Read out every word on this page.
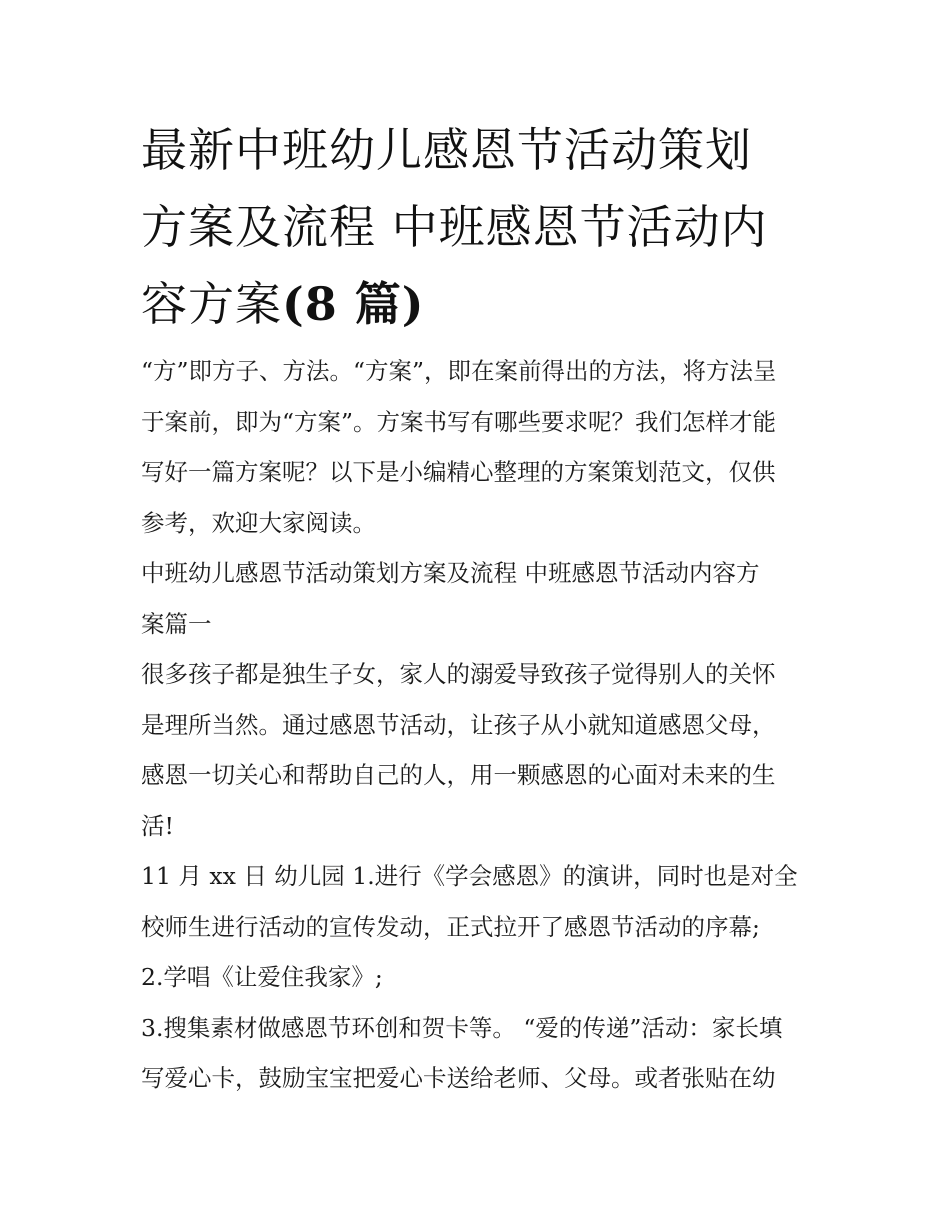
最新中班幼儿感恩节活动策划
方案及流程 中班感恩节活动内
容方案(8 篇)

“方”即方子、方法。“方案”，即在案前得出的方法，将方法呈
于案前，即为“方案”。方案书写有哪些要求呢？我们怎样才能
写好一篇方案呢？以下是小编精心整理的方案策划范文，仅供
参考，欢迎大家阅读。

中班幼儿感恩节活动策划方案及流程 中班感恩节活动内容方
案篇一

很多孩子都是独生子女，家人的溺爱导致孩子觉得别人的关怀
是理所当然。通过感恩节活动，让孩子从小就知道感恩父母，
感恩一切关心和帮助自己的人，用一颗感恩的心面对未来的生
活!

11 月 xx 日 幼儿园 1.进行《学会感恩》的演讲，同时也是对全
校师生进行活动的宣传发动，正式拉开了感恩节活动的序幕;

2.学唱《让爱住我家》;

3.搜集素材做感恩节环创和贺卡等。 “爱的传递”活动：家长填
写爱心卡，鼓励宝宝把爱心卡送给老师、父母。或者张贴在幼
